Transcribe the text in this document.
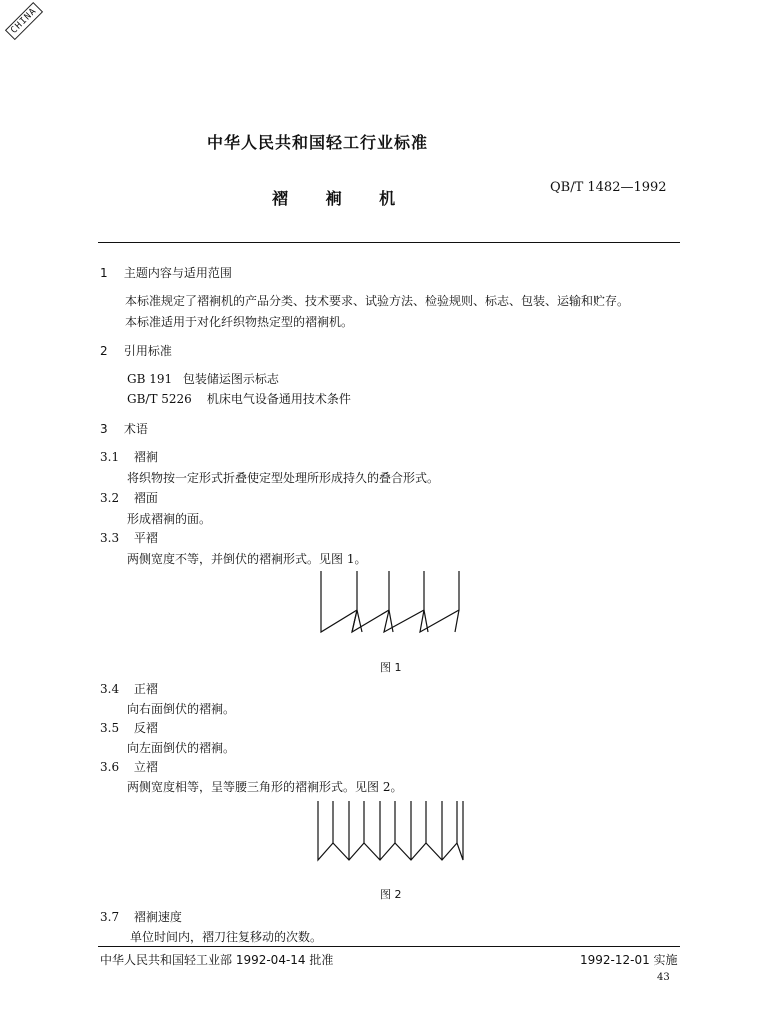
CHINA
中华人民共和国轻工行业标准
褶 裥 机
QB/T 1482—1992
1 主题内容与适用范围
本标准规定了褶裥机的产品分类、技术要求、试验方法、检验规则、标志、包装、运输和贮存。
本标准适用于对化纤织物热定型的褶裥机。
2 引用标准
GB 191 包装储运图示标志
GB/T 5226 机床电气设备通用技术条件
3 术语
3.1 褶裥
将织物按一定形式折叠使定型处理所形成持久的叠合形式。
3.2 褶面
形成褶裥的面。
3.3 平褶
两侧宽度不等，并倒伏的褶裥形式。见图 1。
图 1
3.4 正褶
向右面倒伏的褶裥。
3.5 反褶
向左面倒伏的褶裥。
3.6 立褶
两侧宽度相等，呈等腰三角形的褶裥形式。见图 2。
图 2
3.7 褶裥速度
单位时间内，褶刀往复移动的次数。
中华人民共和国轻工业部 1992-04-14 批准	1992-12-01 实施
43
